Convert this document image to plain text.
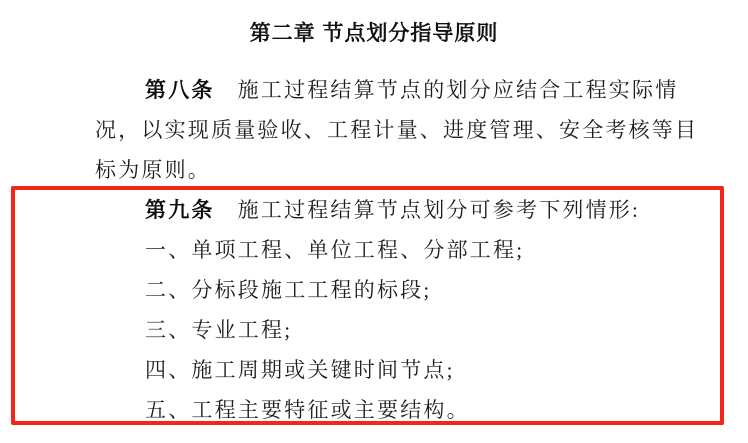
第二章 节点划分指导原则
第八条 施工过程结算节点的划分应结合工程实际情
况，以实现质量验收、工程计量、进度管理、安全考核等目
标为原则。
第九条 施工过程结算节点划分可参考下列情形:
一、单项工程、单位工程、分部工程;
二、分标段施工工程的标段;
三、专业工程;
四、施工周期或关键时间节点;
五、工程主要特征或主要结构。
